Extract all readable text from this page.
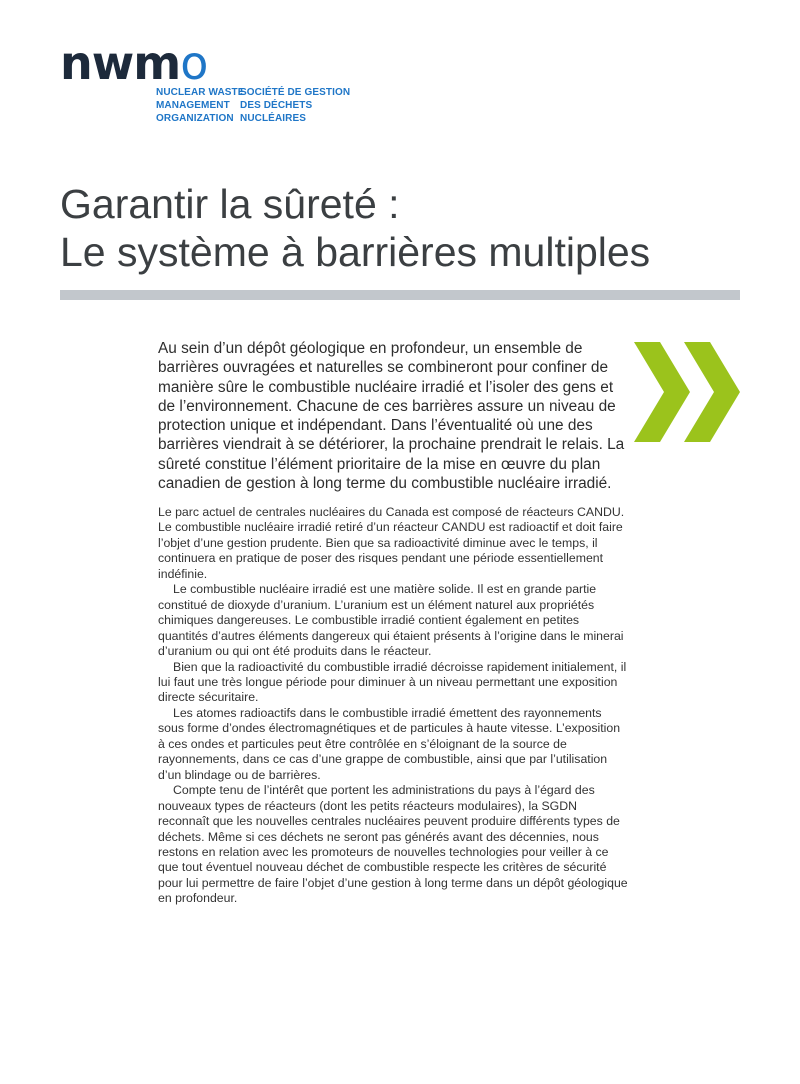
nwmo
NUCLEAR WASTE
MANAGEMENT
ORGANIZATION
SOCIÉTÉ DE GESTION
DES DÉCHETS
NUCLÉAIRES
Garantir la sûreté :
Le système à barrières multiples

Au sein d’un dépôt géologique en profondeur, un ensemble de barrières ouvragées et naturelles se combineront pour confiner de manière sûre le combustible nucléaire irradié et l’isoler des gens et de l’environnement. Chacune de ces barrières assure un niveau de protection unique et indépendant. Dans l’éventualité où une des barrières viendrait à se détériorer, la prochaine prendrait le relais. La sûreté constitue l’élément prioritaire de la mise en œuvre du plan canadien de gestion à long terme du combustible nucléaire irradié.

Le parc actuel de centrales nucléaires du Canada est composé de réacteurs CANDU. Le combustible nucléaire irradié retiré d’un réacteur CANDU est radioactif et doit faire l’objet d’une gestion prudente. Bien que sa radioactivité diminue avec le temps, il continuera en pratique de poser des risques pendant une période essentiellement indéfinie.

Le combustible nucléaire irradié est une matière solide. Il est en grande partie constitué de dioxyde d’uranium. L’uranium est un élément naturel aux propriétés chimiques dangereuses. Le combustible irradié contient également en petites quantités d’autres éléments dangereux qui étaient présents à l’origine dans le minerai d’uranium ou qui ont été produits dans le réacteur.

Bien que la radioactivité du combustible irradié décroisse rapidement initialement, il lui faut une très longue période pour diminuer à un niveau permettant une exposition directe sécuritaire.

Les atomes radioactifs dans le combustible irradié émettent des rayonnements sous forme d’ondes électromagnétiques et de particules à haute vitesse. L’exposition à ces ondes et particules peut être contrôlée en s’éloignant de la source de rayonnements, dans ce cas d’une grappe de combustible, ainsi que par l’utilisation d’un blindage ou de barrières.

Compte tenu de l’intérêt que portent les administrations du pays à l’égard des nouveaux types de réacteurs (dont les petits réacteurs modulaires), la SGDN reconnaît que les nouvelles centrales nucléaires peuvent produire différents types de déchets. Même si ces déchets ne seront pas générés avant des décennies, nous restons en relation avec les promoteurs de nouvelles technologies pour veiller à ce que tout éventuel nouveau déchet de combustible respecte les critères de sécurité pour lui permettre de faire l’objet d’une gestion à long terme dans un dépôt géologique en profondeur.
